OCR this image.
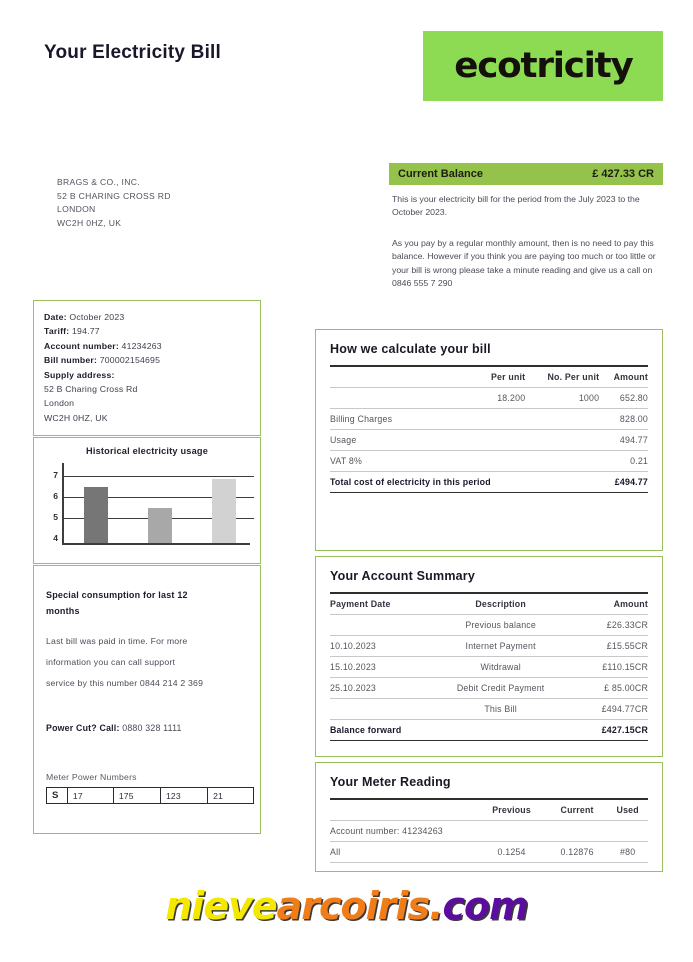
Your Electricity Bill	ecotricity
BRAGS & CO., INC.
52 B CHARING CROSS RD
LONDON
WC2H 0HZ, UK
Current Balance	£ 427.33 CR
This is your electricity bill for the period from the July 2023 to the October 2023.
As you pay by a regular monthly amount, then is no need to pay this balance. However if you think you are paying too much or too little or your bill is wrong please take a minute reading and give us a call on 0846 555 7 290
Date: October 2023
Tariff: 194.77
Account number: 41234263
Bill number: 700002154695
Supply address:
52 B Charing Cross Rd
London
WC2H 0HZ, UK
Historical electricity usage
4
5
6
7
Special consumption for last 12
months
Last bill was paid in time. For more
information you can call support
service by this number 0844 214 2 369
Power Cut? Call: 0880 328 1111
Meter Power Numbers
S	17	175	123	21
How we calculate your bill
	Per unit	No. Per unit	Amount
	18.200	1000	652.80
Billing Charges			828.00
Usage			494.77
VAT 8%			0.21
Total cost of electricity in this period			£494.77
Your Account Summary
Payment Date	Description	Amount
	Previous balance	£26.33CR
10.10.2023	Internet Payment	£15.55CR
15.10.2023	Witdrawal	£110.15CR
25.10.2023	Debit Credit Payment	£ 85.00CR
	This Bill	£494.77CR
Balance forward		£427.15CR
Your Meter Reading
	Previous	Current	Used
Account number: 41234263			
All	0.1254	0.12876	#80
nievearcoiris.com
